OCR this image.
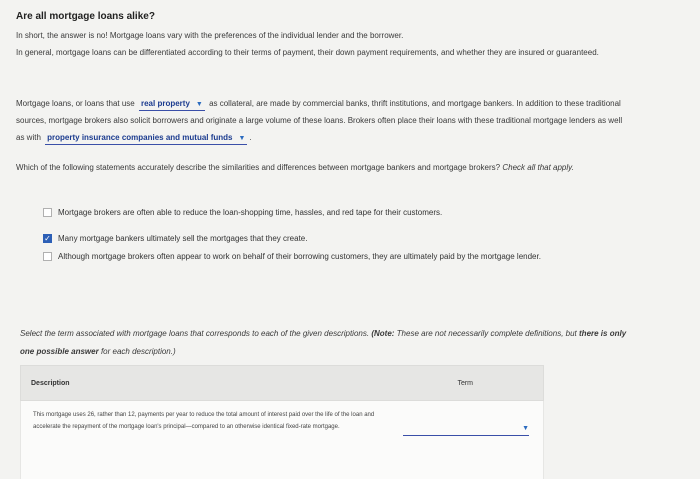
Are all mortgage loans alike?
In short, the answer is no! Mortgage loans vary with the preferences of the individual lender and the borrower.
In general, mortgage loans can be differentiated according to their terms of payment, their down payment requirements, and whether they are insured or guaranteed.
Mortgage loans, or loans that use real property ▼ as collateral, are made by commercial banks, thrift institutions, and mortgage bankers. In addition to these traditional sources, mortgage brokers also solicit borrowers and originate a large volume of these loans. Brokers often place their loans with these traditional mortgage lenders as well as with property insurance companies and mutual funds ▼ .
Which of the following statements accurately describe the similarities and differences between mortgage bankers and mortgage brokers? Check all that apply.
Mortgage brokers are often able to reduce the loan-shopping time, hassles, and red tape for their customers.
✓ Many mortgage bankers ultimately sell the mortgages that they create.
Although mortgage brokers often appear to work on behalf of their borrowing customers, they are ultimately paid by the mortgage lender.
Select the term associated with mortgage loans that corresponds to each of the given descriptions. (Note: These are not necessarily complete definitions, but there is only one possible answer for each description.)
Description	Term
This mortgage uses 26, rather than 12, payments per year to reduce the total amount of interest paid over the life of the loan and accelerate the repayment of the mortgage loan's principal—compared to an otherwise identical fixed-rate mortgage.	▼
